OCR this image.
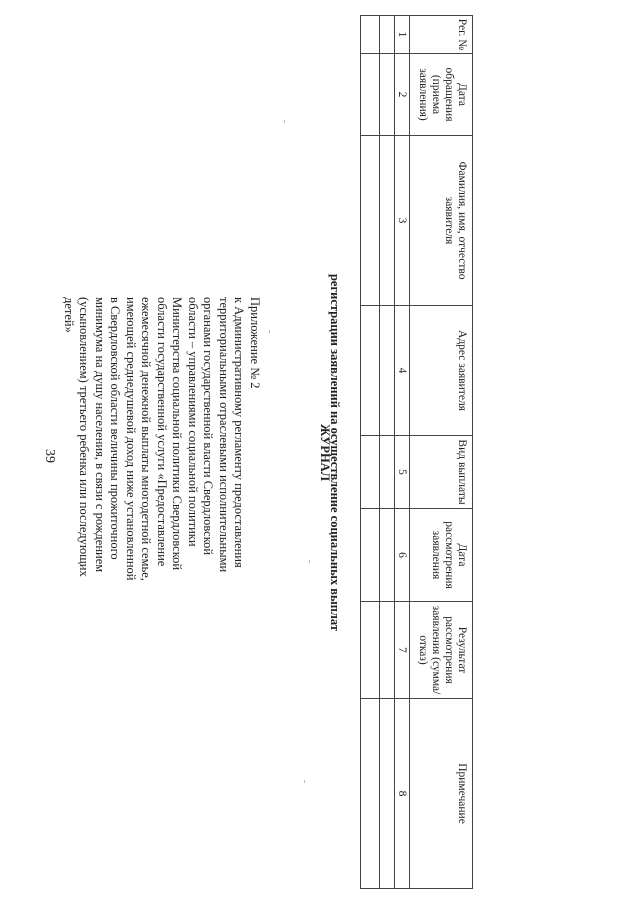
39

Приложение № 2

к Административному регламенту предоставления

территориальными отраслевыми исполнительными

органами государственной власти Свердловской

области – управлениями социальной политики

Министерства социальной политики Свердловской

области государственной услуги «Предоставление

ежемесячной денежной выплаты многодетной семье,

имеющей среднедушевой доход ниже установленной

в Свердловской области величины прожиточного

минимума на душу населения, в связи с рождением

(усыновлением) третьего ребенка или последующих

детей»

ЖУРНАЛ
регистрации заявлений на осуществление социальных выплат
Рег. №	Дата обращения (приема заявления)	Фамилия, имя, отчество заявителя	Адрес заявителя	Вид выплаты	Дата рассмотрения заявления	Результат рассмотрения заявления (сумма/отказ)	Примечание
1	2	3	4	5	6	7	8
